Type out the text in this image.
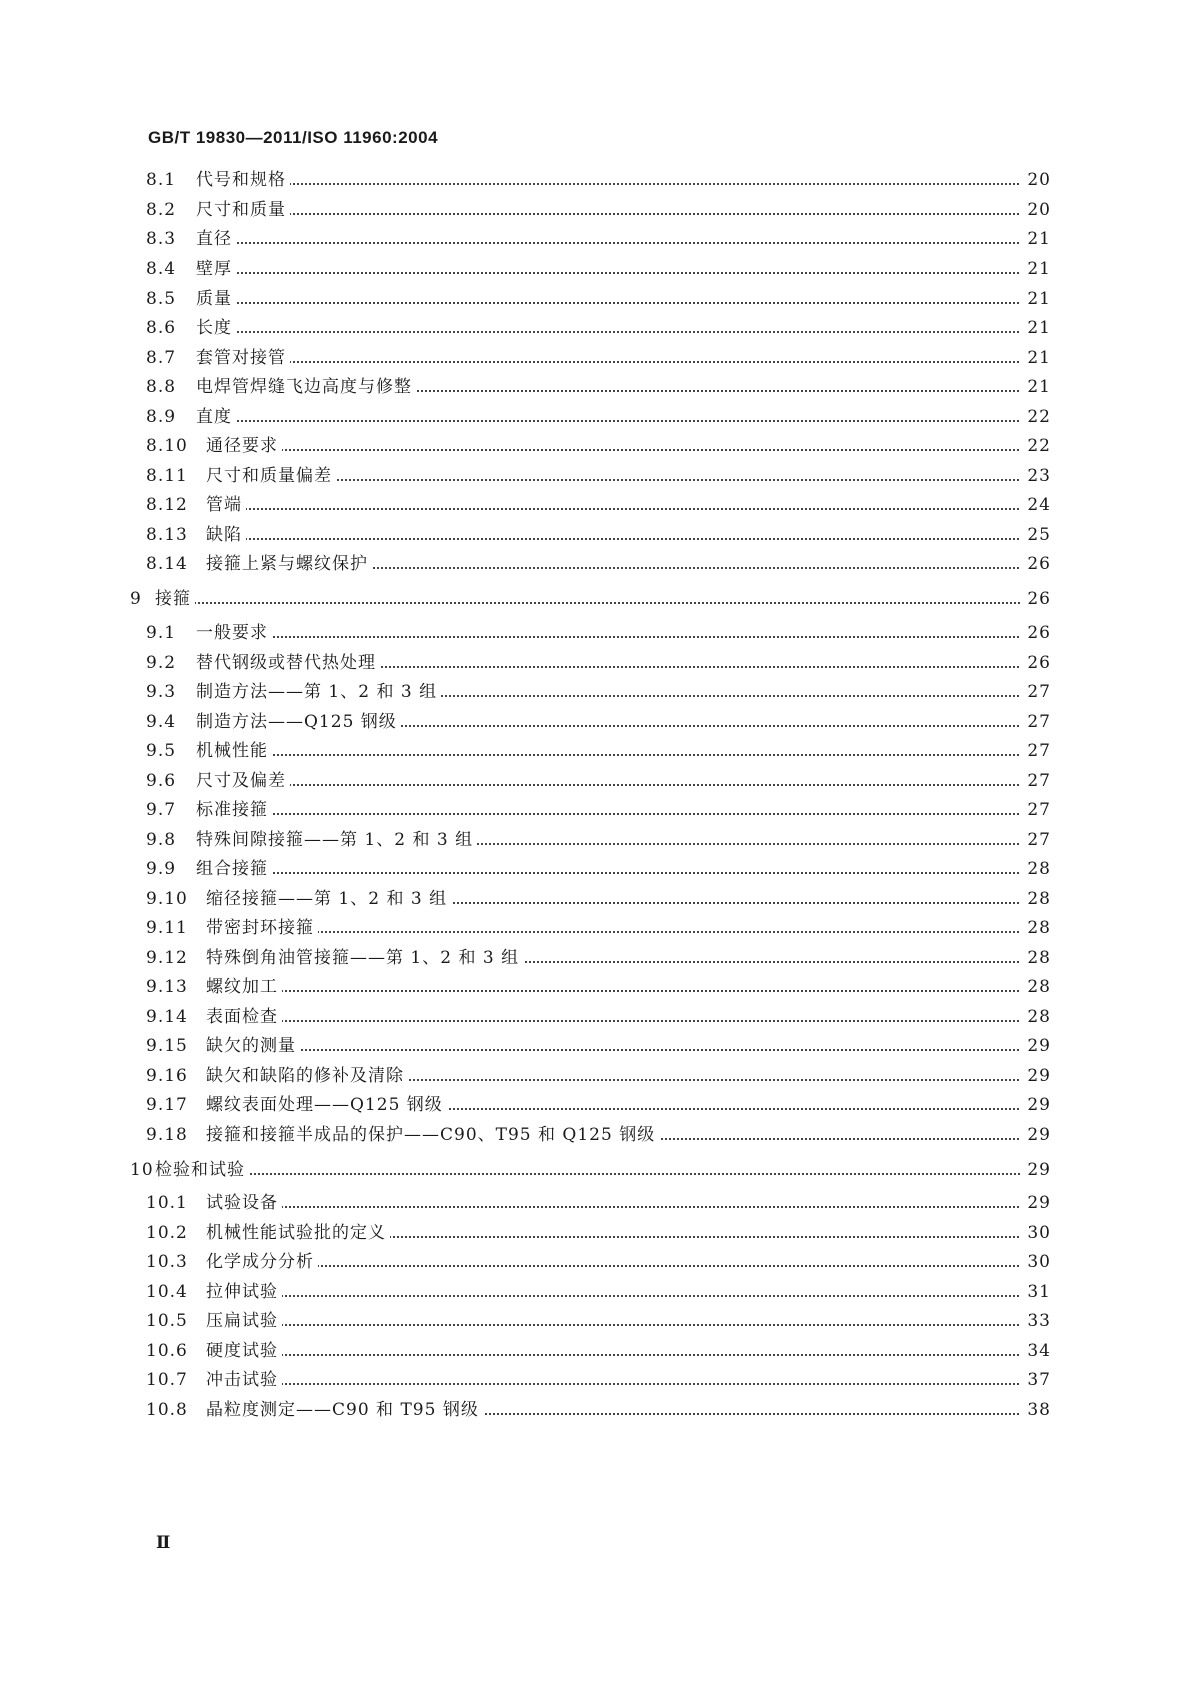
GB/T 19830—2011/ISO 11960:2004
8.1 代号和规格	20
8.2 尺寸和质量	20
8.3 直径	21
8.4 壁厚	21
8.5 质量	21
8.6 长度	21
8.7 套管对接管	21
8.8 电焊管焊缝飞边高度与修整	21
8.9 直度	22
8.10 通径要求	22
8.11 尺寸和质量偏差	23
8.12 管端	24
8.13 缺陷	25
8.14 接箍上紧与螺纹保护	26
9 接箍	26
9.1 一般要求	26
9.2 替代钢级或替代热处理	26
9.3 制造方法——第 1、2 和 3 组	27
9.4 制造方法——Q125 钢级	27
9.5 机械性能	27
9.6 尺寸及偏差	27
9.7 标准接箍	27
9.8 特殊间隙接箍——第 1、2 和 3 组	27
9.9 组合接箍	28
9.10 缩径接箍——第 1、2 和 3 组	28
9.11 带密封环接箍	28
9.12 特殊倒角油管接箍——第 1、2 和 3 组	28
9.13 螺纹加工	28
9.14 表面检查	28
9.15 缺欠的测量	29
9.16 缺欠和缺陷的修补及清除	29
9.17 螺纹表面处理——Q125 钢级	29
9.18 接箍和接箍半成品的保护——C90、T95 和 Q125 钢级	29
10 检验和试验	29
10.1 试验设备	29
10.2 机械性能试验批的定义	30
10.3 化学成分分析	30
10.4 拉伸试验	31
10.5 压扁试验	33
10.6 硬度试验	34
10.7 冲击试验	37
10.8 晶粒度测定——C90 和 T95 钢级	38
Ⅱ
